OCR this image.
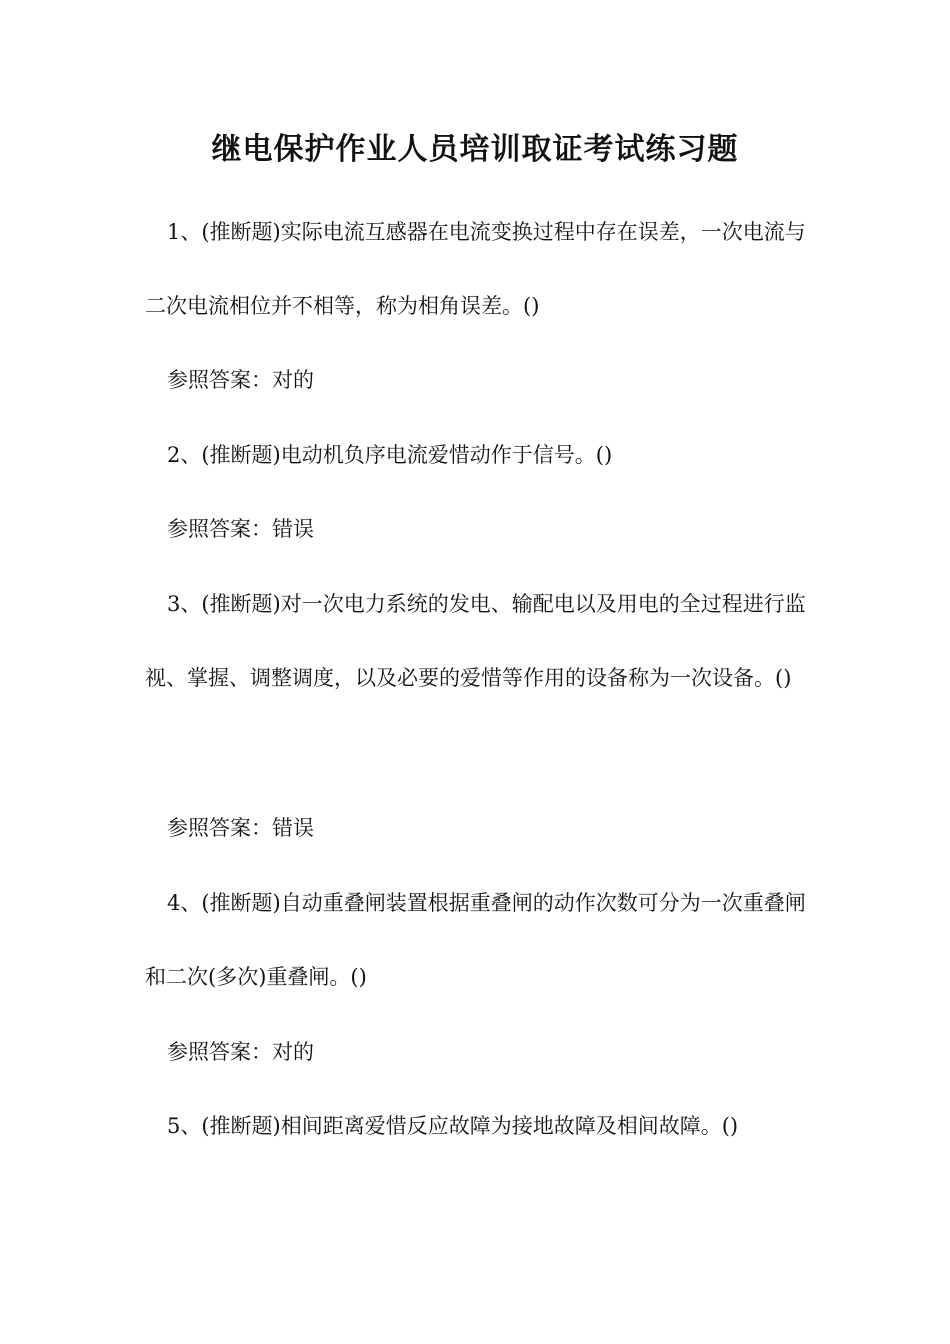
继电保护作业人员培训取证考试练习题

1、(推断题)实际电流互感器在电流变换过程中存在误差，一次电流与二次电流相位并不相等，称为相角误差。()

参照答案：对的

2、(推断题)电动机负序电流爱惜动作于信号。()

参照答案：错误

3、(推断题)对一次电力系统的发电、输配电以及用电的全过程进行监视、掌握、调整调度，以及必要的爱惜等作用的设备称为一次设备。()

参照答案：错误

4、(推断题)自动重叠闸装置根据重叠闸的动作次数可分为一次重叠闸和二次(多次)重叠闸。()

参照答案：对的

5、(推断题)相间距离爱惜反应故障为接地故障及相间故障。()
